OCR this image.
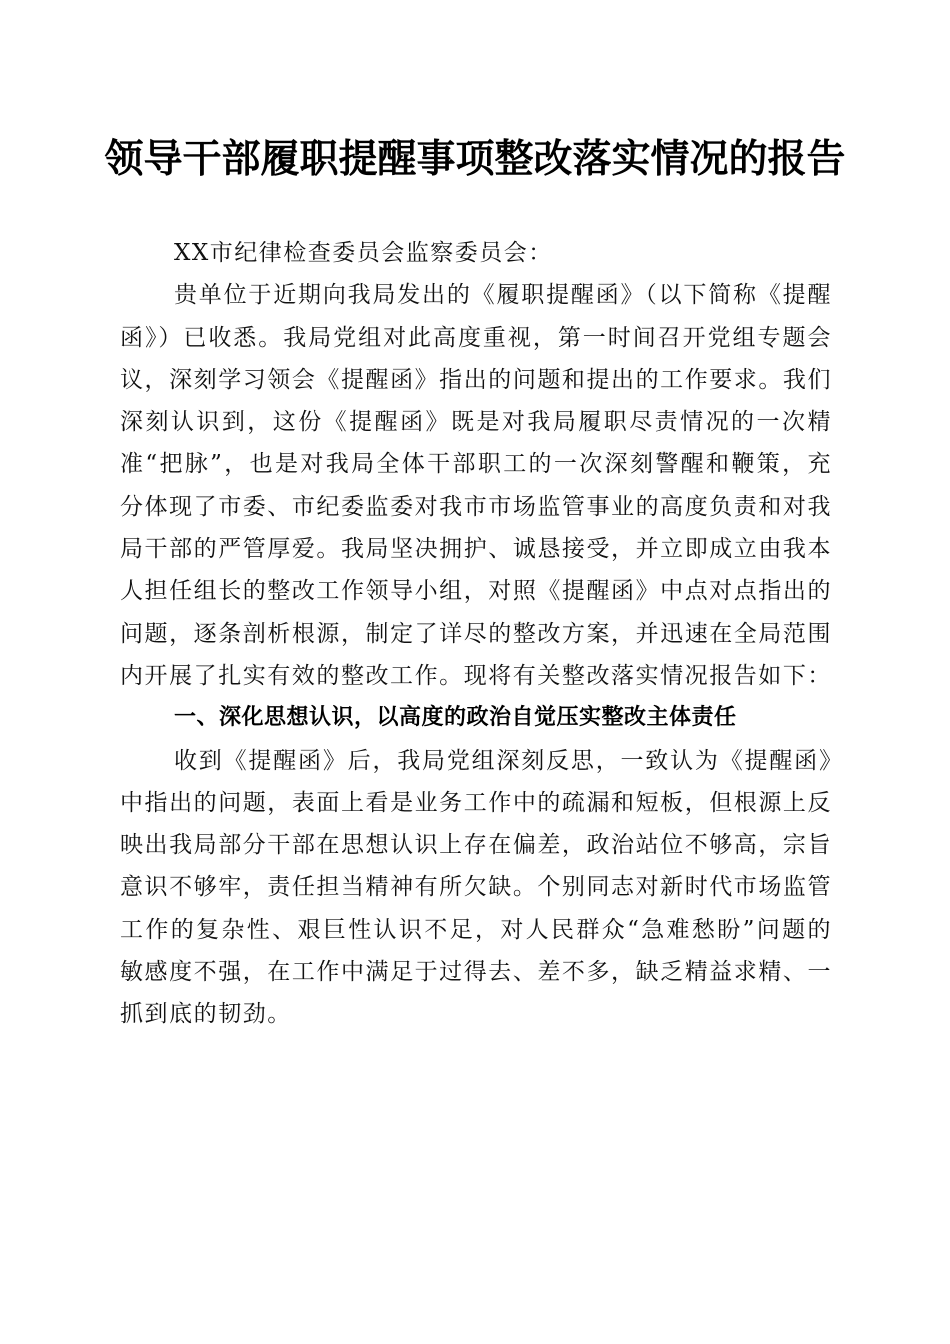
领导干部履职提醒事项整改落实情况的报告

XX市纪律检查委员会监察委员会：

贵单位于近期向我局发出的《履职提醒函》（以下简称《提醒函》）已收悉。我局党组对此高度重视，第一时间召开党组专题会议，深刻学习领会《提醒函》指出的问题和提出的工作要求。我们深刻认识到，这份《提醒函》既是对我局履职尽责情况的一次精准“把脉”，也是对我局全体干部职工的一次深刻警醒和鞭策，充分体现了市委、市纪委监委对我市市场监管事业的高度负责和对我局干部的严管厚爱。我局坚决拥护、诚恳接受，并立即成立由我本人担任组长的整改工作领导小组，对照《提醒函》中点对点指出的问题，逐条剖析根源，制定了详尽的整改方案，并迅速在全局范围内开展了扎实有效的整改工作。现将有关整改落实情况报告如下：

一、深化思想认识，以高度的政治自觉压实整改主体责任

收到《提醒函》后，我局党组深刻反思，一致认为《提醒函》中指出的问题，表面上看是业务工作中的疏漏和短板，但根源上反映出我局部分干部在思想认识上存在偏差，政治站位不够高，宗旨意识不够牢，责任担当精神有所欠缺。个别同志对新时代市场监管工作的复杂性、艰巨性认识不足，对人民群众“急难愁盼”问题的敏感度不强，在工作中满足于过得去、差不多，缺乏精益求精、一抓到底的韧劲。
